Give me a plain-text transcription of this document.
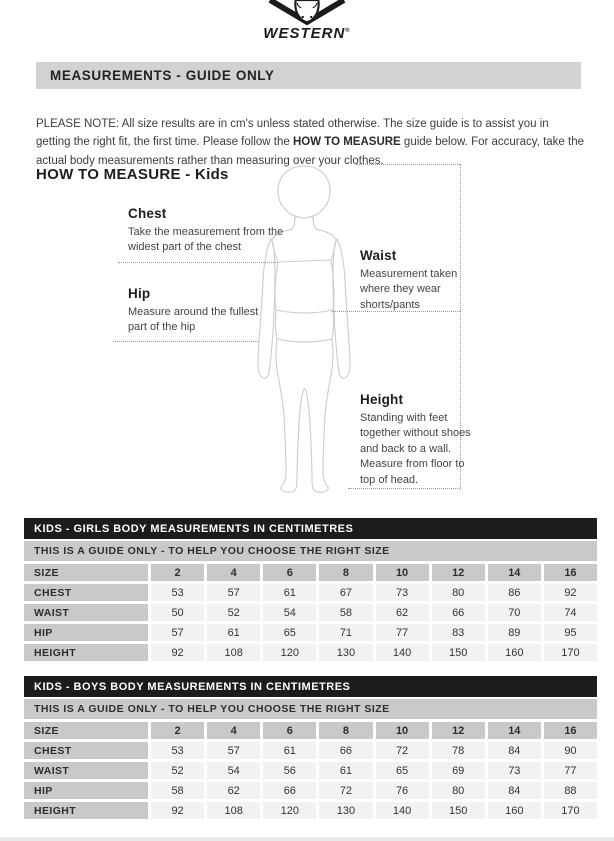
WESTERN®
MEASUREMENTS - GUIDE ONLY

PLEASE NOTE: All size results are in cm's unless stated otherwise. The size guide is to assist you in getting the right fit, the first time. Please follow the HOW TO MEASURE guide below. For accuracy, take the actual body measurements rather than measuring over your clothes.

HOW TO MEASURE - Kids
Chest
Take the measurement from the widest part of the chest
Hip
Measure around the fullest part of the hip
Waist
Measurement taken where they wear shorts/pants
Height
Standing with feet together without shoes and back to a wall. Measure from floor to top of head.
KIDS - GIRLS BODY MEASUREMENTS IN CENTIMETRES
THIS IS A GUIDE ONLY - TO HELP YOU CHOOSE THE RIGHT SIZE
SIZE	2	4	6	8	10	12	14	16
CHEST	53	57	61	67	73	80	86	92
WAIST	50	52	54	58	62	66	70	74
HIP	57	61	65	71	77	83	89	95
HEIGHT	92	108	120	130	140	150	160	170
KIDS - BOYS BODY MEASUREMENTS IN CENTIMETRES
THIS IS A GUIDE ONLY - TO HELP YOU CHOOSE THE RIGHT SIZE
SIZE	2	4	6	8	10	12	14	16
CHEST	53	57	61	66	72	78	84	90
WAIST	52	54	56	61	65	69	73	77
HIP	58	62	66	72	76	80	84	88
HEIGHT	92	108	120	130	140	150	160	170
